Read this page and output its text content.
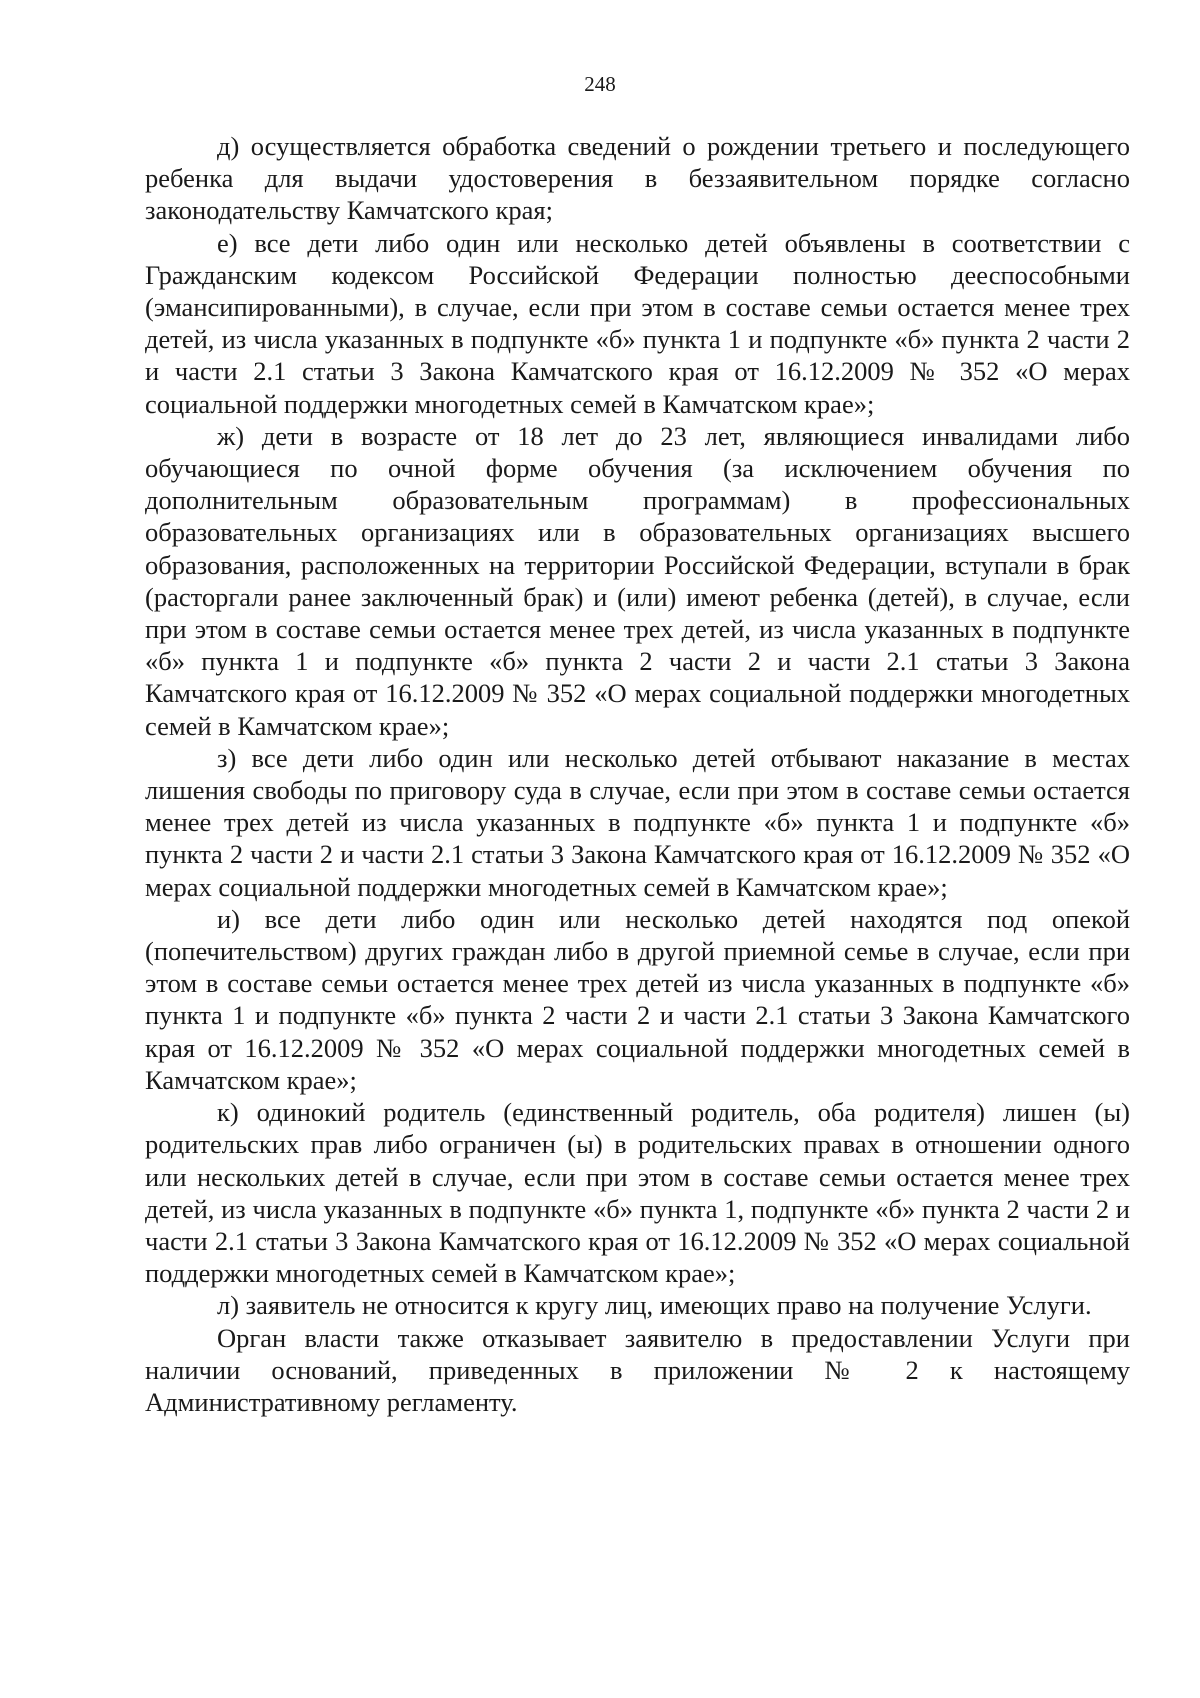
248

д) осуществляется обработка сведений о рождении третьего и последующего ребенка для выдачи удостоверения в беззаявительном порядке согласно законодательству Камчатского края;

е) все дети либо один или несколько детей объявлены в соответствии с Гражданским кодексом Российской Федерации полностью дееспособными (эмансипированными), в случае, если при этом в составе семьи остается менее трех детей, из числа указанных в подпункте «б» пункта 1 и подпункте «б» пункта 2 части 2 и части 2.1 статьи 3 Закона Камчатского края от 16.12.2009 № 352 «О мерах социальной поддержки многодетных семей в Камчатском крае»;

ж) дети в возрасте от 18 лет до 23 лет, являющиеся инвалидами либо обучающиеся по очной форме обучения (за исключением обучения по дополнительным образовательным программам) в профессиональных образовательных организациях или в образовательных организациях высшего образования, расположенных на территории Российской Федерации, вступали в брак (расторгали ранее заключенный брак) и (или) имеют ребенка (детей), в случае, если при этом в составе семьи остается менее трех детей, из числа указанных в подпункте «б» пункта 1 и подпункте «б» пункта 2 части 2 и части 2.1 статьи 3 Закона Камчатского края от 16.12.2009 № 352 «О мерах социальной поддержки многодетных семей в Камчатском крае»;

з) все дети либо один или несколько детей отбывают наказание в местах лишения свободы по приговору суда в случае, если при этом в составе семьи остается менее трех детей из числа указанных в подпункте «б» пункта 1 и подпункте «б» пункта 2 части 2 и части 2.1 статьи 3 Закона Камчатского края от 16.12.2009 № 352 «О мерах социальной поддержки многодетных семей в Камчатском крае»;

и) все дети либо один или несколько детей находятся под опекой (попечительством) других граждан либо в другой приемной семье в случае, если при этом в составе семьи остается менее трех детей из числа указанных в подпункте «б» пункта 1 и подпункте «б» пункта 2 части 2 и части 2.1 статьи 3 Закона Камчатского края от 16.12.2009 № 352 «О мерах социальной поддержки многодетных семей в Камчатском крае»;

к) одинокий родитель (единственный родитель, оба родителя) лишен (ы) родительских прав либо ограничен (ы) в родительских правах в отношении одного или нескольких детей в случае, если при этом в составе семьи остается менее трех детей, из числа указанных в подпункте «б» пункта 1, подпункте «б» пункта 2 части 2 и части 2.1 статьи 3 Закона Камчатского края от 16.12.2009 № 352 «О мерах социальной поддержки многодетных семей в Камчатском крае»;

л) заявитель не относится к кругу лиц, имеющих право на получение Услуги.

Орган власти также отказывает заявителю в предоставлении Услуги при наличии оснований, приведенных в приложении № 2 к настоящему Административному регламенту.
